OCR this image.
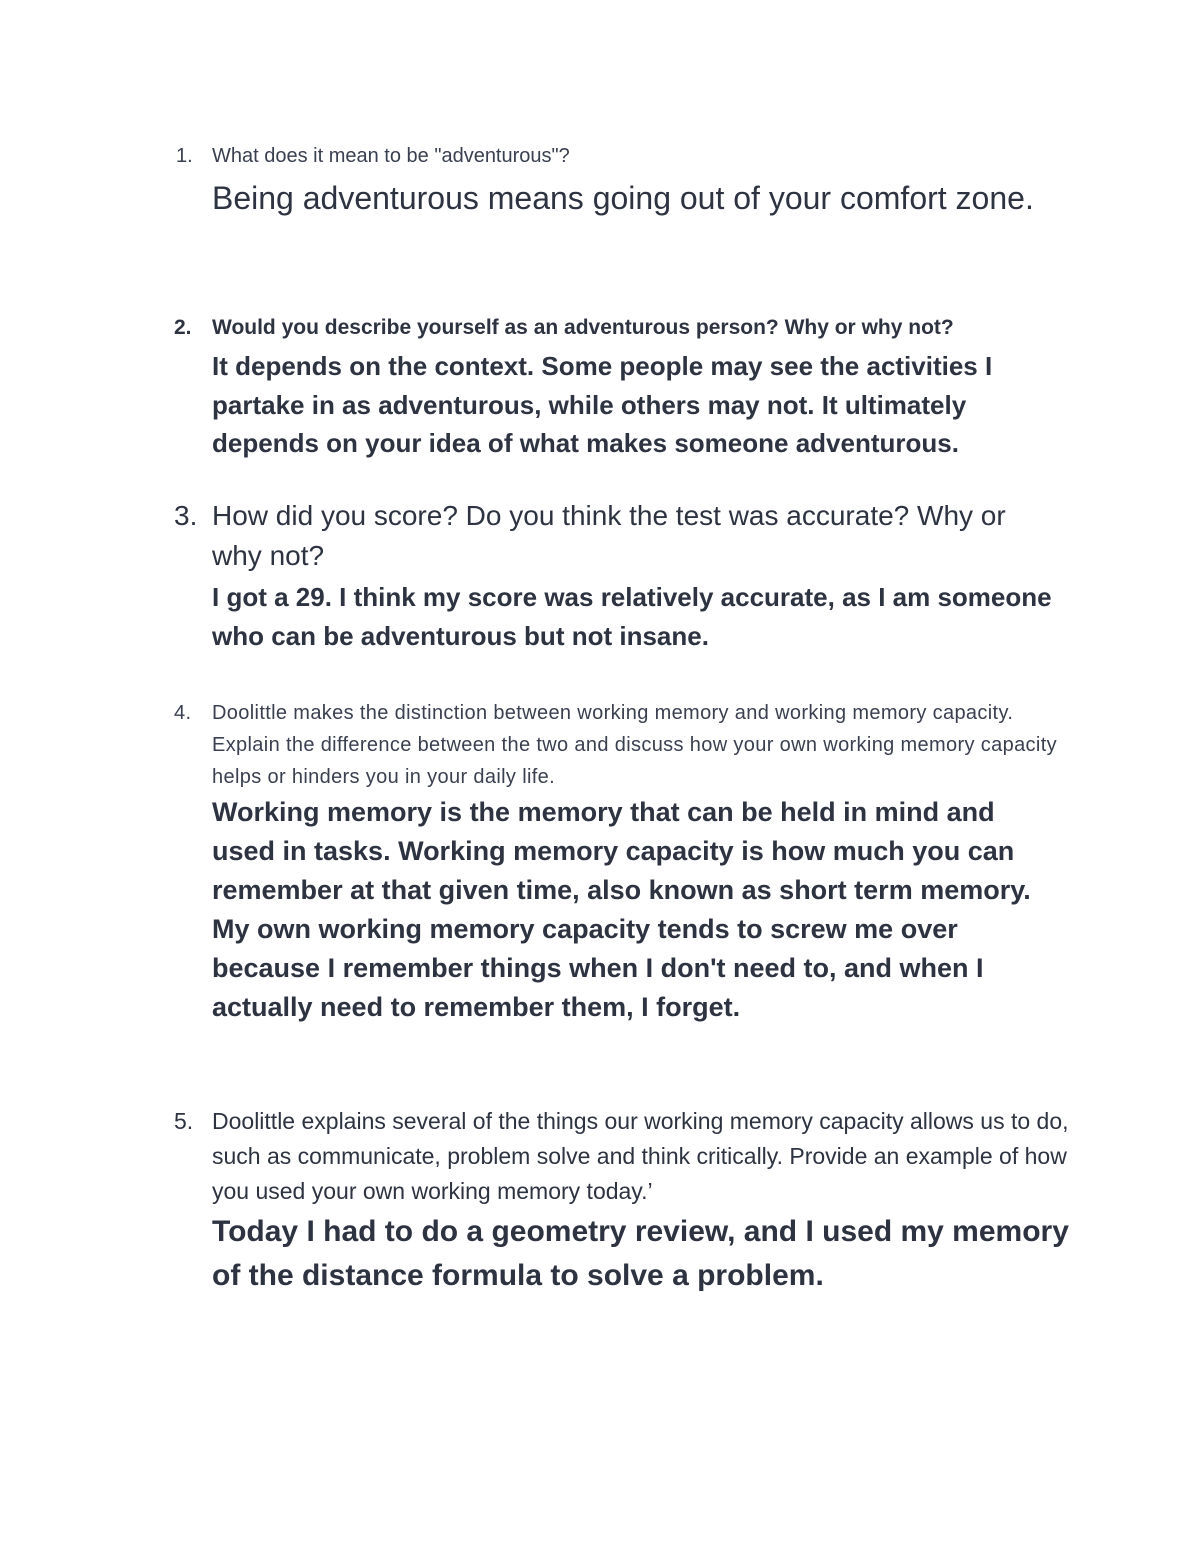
1. What does it mean to be "adventurous"?

Being adventurous means going out of your comfort zone.

2. Would you describe yourself as an adventurous person? Why or why not?

It depends on the context. Some people may see the activities I partake in as adventurous, while others may not. It ultimately depends on your idea of what makes someone adventurous.

3. How did you score? Do you think the test was accurate? Why or why not?

I got a 29. I think my score was relatively accurate, as I am someone who can be adventurous but not insane.

4. Doolittle makes the distinction between working memory and working memory capacity. Explain the difference between the two and discuss how your own working memory capacity helps or hinders you in your daily life.

Working memory is the memory that can be held in mind and used in tasks. Working memory capacity is how much you can remember at that given time, also known as short term memory. My own working memory capacity tends to screw me over because I remember things when I don't need to, and when I actually need to remember them, I forget.

5. Doolittle explains several of the things our working memory capacity allows us to do, such as communicate, problem solve and think critically. Provide an example of how you used your own working memory today.’

Today I had to do a geometry review, and I used my memory of the distance formula to solve a problem.
